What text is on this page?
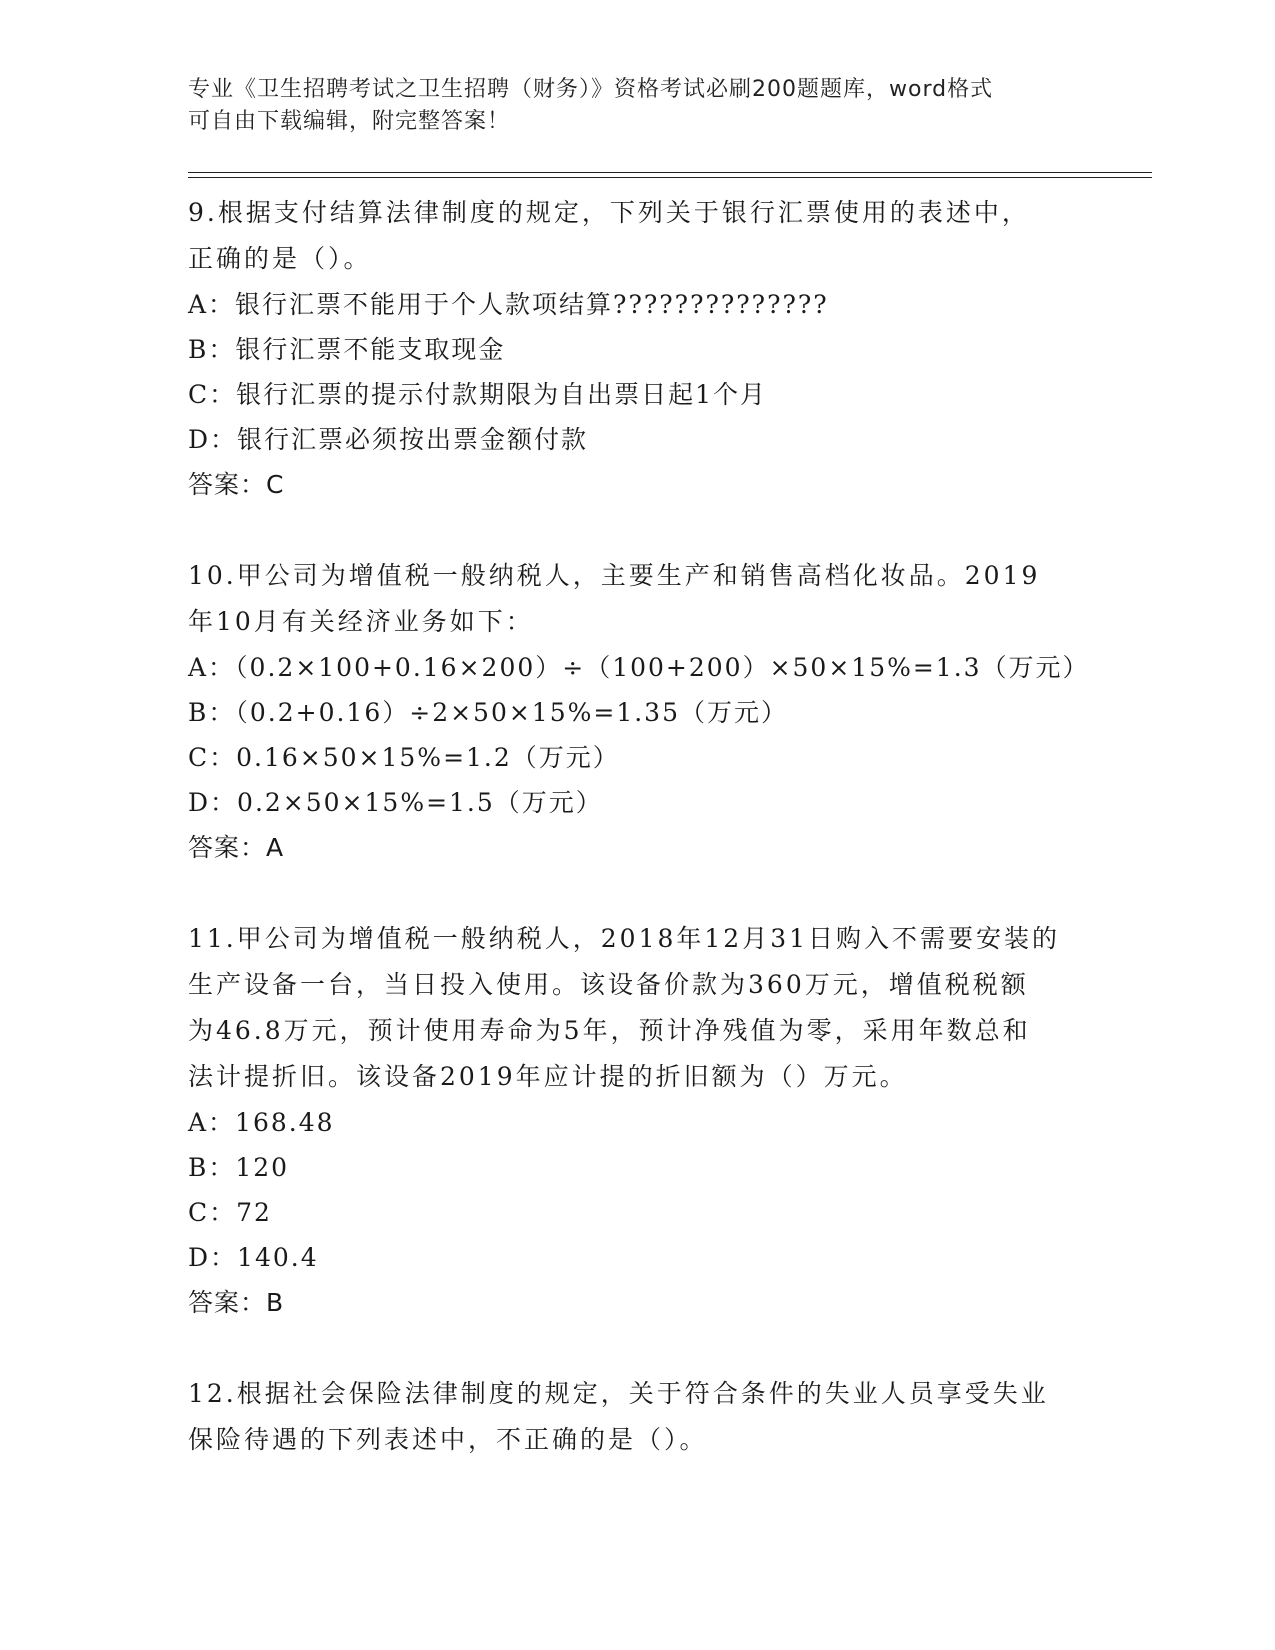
专业《卫生招聘考试之卫生招聘（财务）》资格考试必刷200题题库，word格式
可自由下载编辑，附完整答案！
9.根据支付结算法律制度的规定，下列关于银行汇票使用的表述中，
正确的是（）。
A：银行汇票不能用于个人款项结算??????????????
B：银行汇票不能支取现金
C：银行汇票的提示付款期限为自出票日起1个月
D：银行汇票必须按出票金额付款
答案：C
10.甲公司为增值税一般纳税人，主要生产和销售高档化妆品。2019
年10月有关经济业务如下：
A：（0.2×100+0.16×200）÷（100+200）×50×15%=1.3（万元）
B：（0.2+0.16）÷2×50×15%=1.35（万元）
C：0.16×50×15%=1.2（万元）
D：0.2×50×15%=1.5（万元）
答案：A
11.甲公司为增值税一般纳税人，2018年12月31日购入不需要安装的
生产设备一台，当日投入使用。该设备价款为360万元，增值税税额
为46.8万元，预计使用寿命为5年，预计净残值为零，采用年数总和
法计提折旧。该设备2019年应计提的折旧额为（）万元。
A：168.48
B：120
C：72
D：140.4
答案：B
12.根据社会保险法律制度的规定，关于符合条件的失业人员享受失业
保险待遇的下列表述中，不正确的是（）。
